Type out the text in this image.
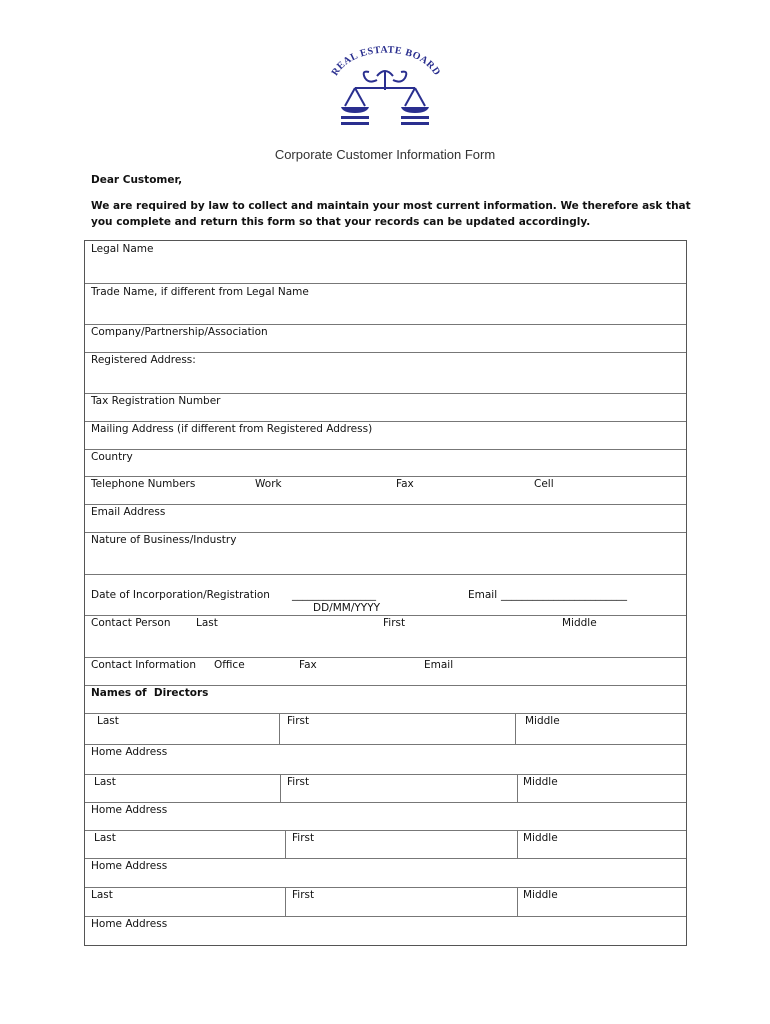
REAL ESTATE BOARD
Corporate Customer Information Form
Dear Customer,
We are required by law to collect and maintain your most current information. We therefore ask that
you complete and return this form so that your records can be updated accordingly.
Legal Name
Trade Name, if different from Legal Name
Company/Partnership/Association
Registered Address:
Tax Registration Number
Mailing Address (if different from Registered Address)
Country
Telephone Numbers	Work	Fax	Cell
Email Address
Nature of Business/Industry
Date of Incorporation/Registration ________________
DD/MM/YYYY
Email ________________________
Contact Person Last	First	Middle
Contact Information Office	Fax	Email
Names of  Directors
Last	First	Middle
Home Address
Last	First	Middle
Home Address
Last	First	Middle
Home Address
Last	First	Middle
Home Address
